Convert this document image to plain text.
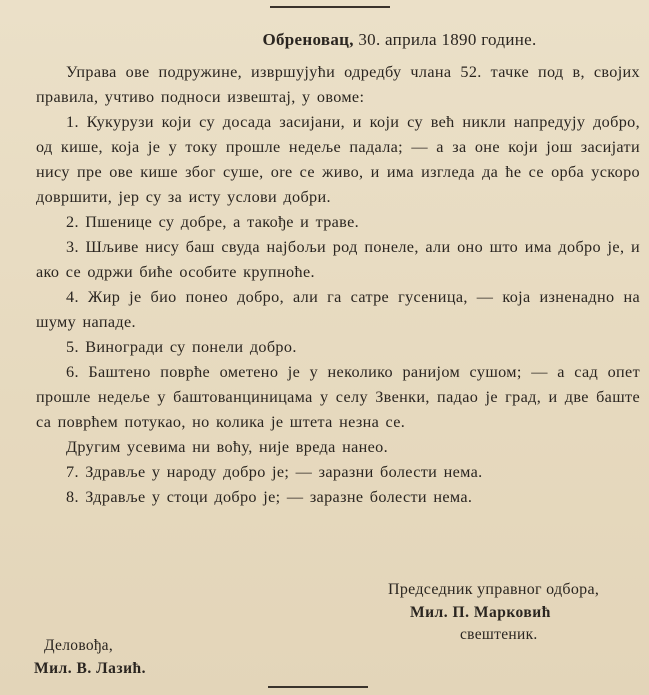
Обреновац, 30. априла 1890 године.

Управа ове подружине, извршујући одредбу члана 52. тачке под в, својих правила, учтиво подноси извештај, у овоме:

1. Кукурузи који су досада засијани, и који су већ никли напредују добро, од кише, која је у току прошле недеље падала; — а за оне који још засијати нису пре ове кише због суше, ore се живо, и има изгледа да ће се орба ускоро довршити, јер су за исту услови добри.

2. Пшенице су добре, а такође и траве.

3. Шљиве нису баш свуда најбољи род понеле, али оно што има добро је, и ако се одржи биће особите крупноће.

4. Жир је био понео добро, али га сатре гусеница, — која изненадно на шуму нападе.

5. Виногради су понели добро.

6. Баштено поврће ометено је у неколико ранијом сушом; — а сад опет прошле недеље у баштованциницама у селу Звенки, падао је град, и две баште са поврћем потукао, но колика је штета незна се.

Другим усевима ни воћу, није вреда нанео.

7. Здравље у народу добро је; — заразни болести нема.

8. Здравље у стоци добро је; — заразне болести нема.

Председник управног одбора,
Мил. П. Марковић
свештеник.
Деловођа,
Мил. В. Лазић.
